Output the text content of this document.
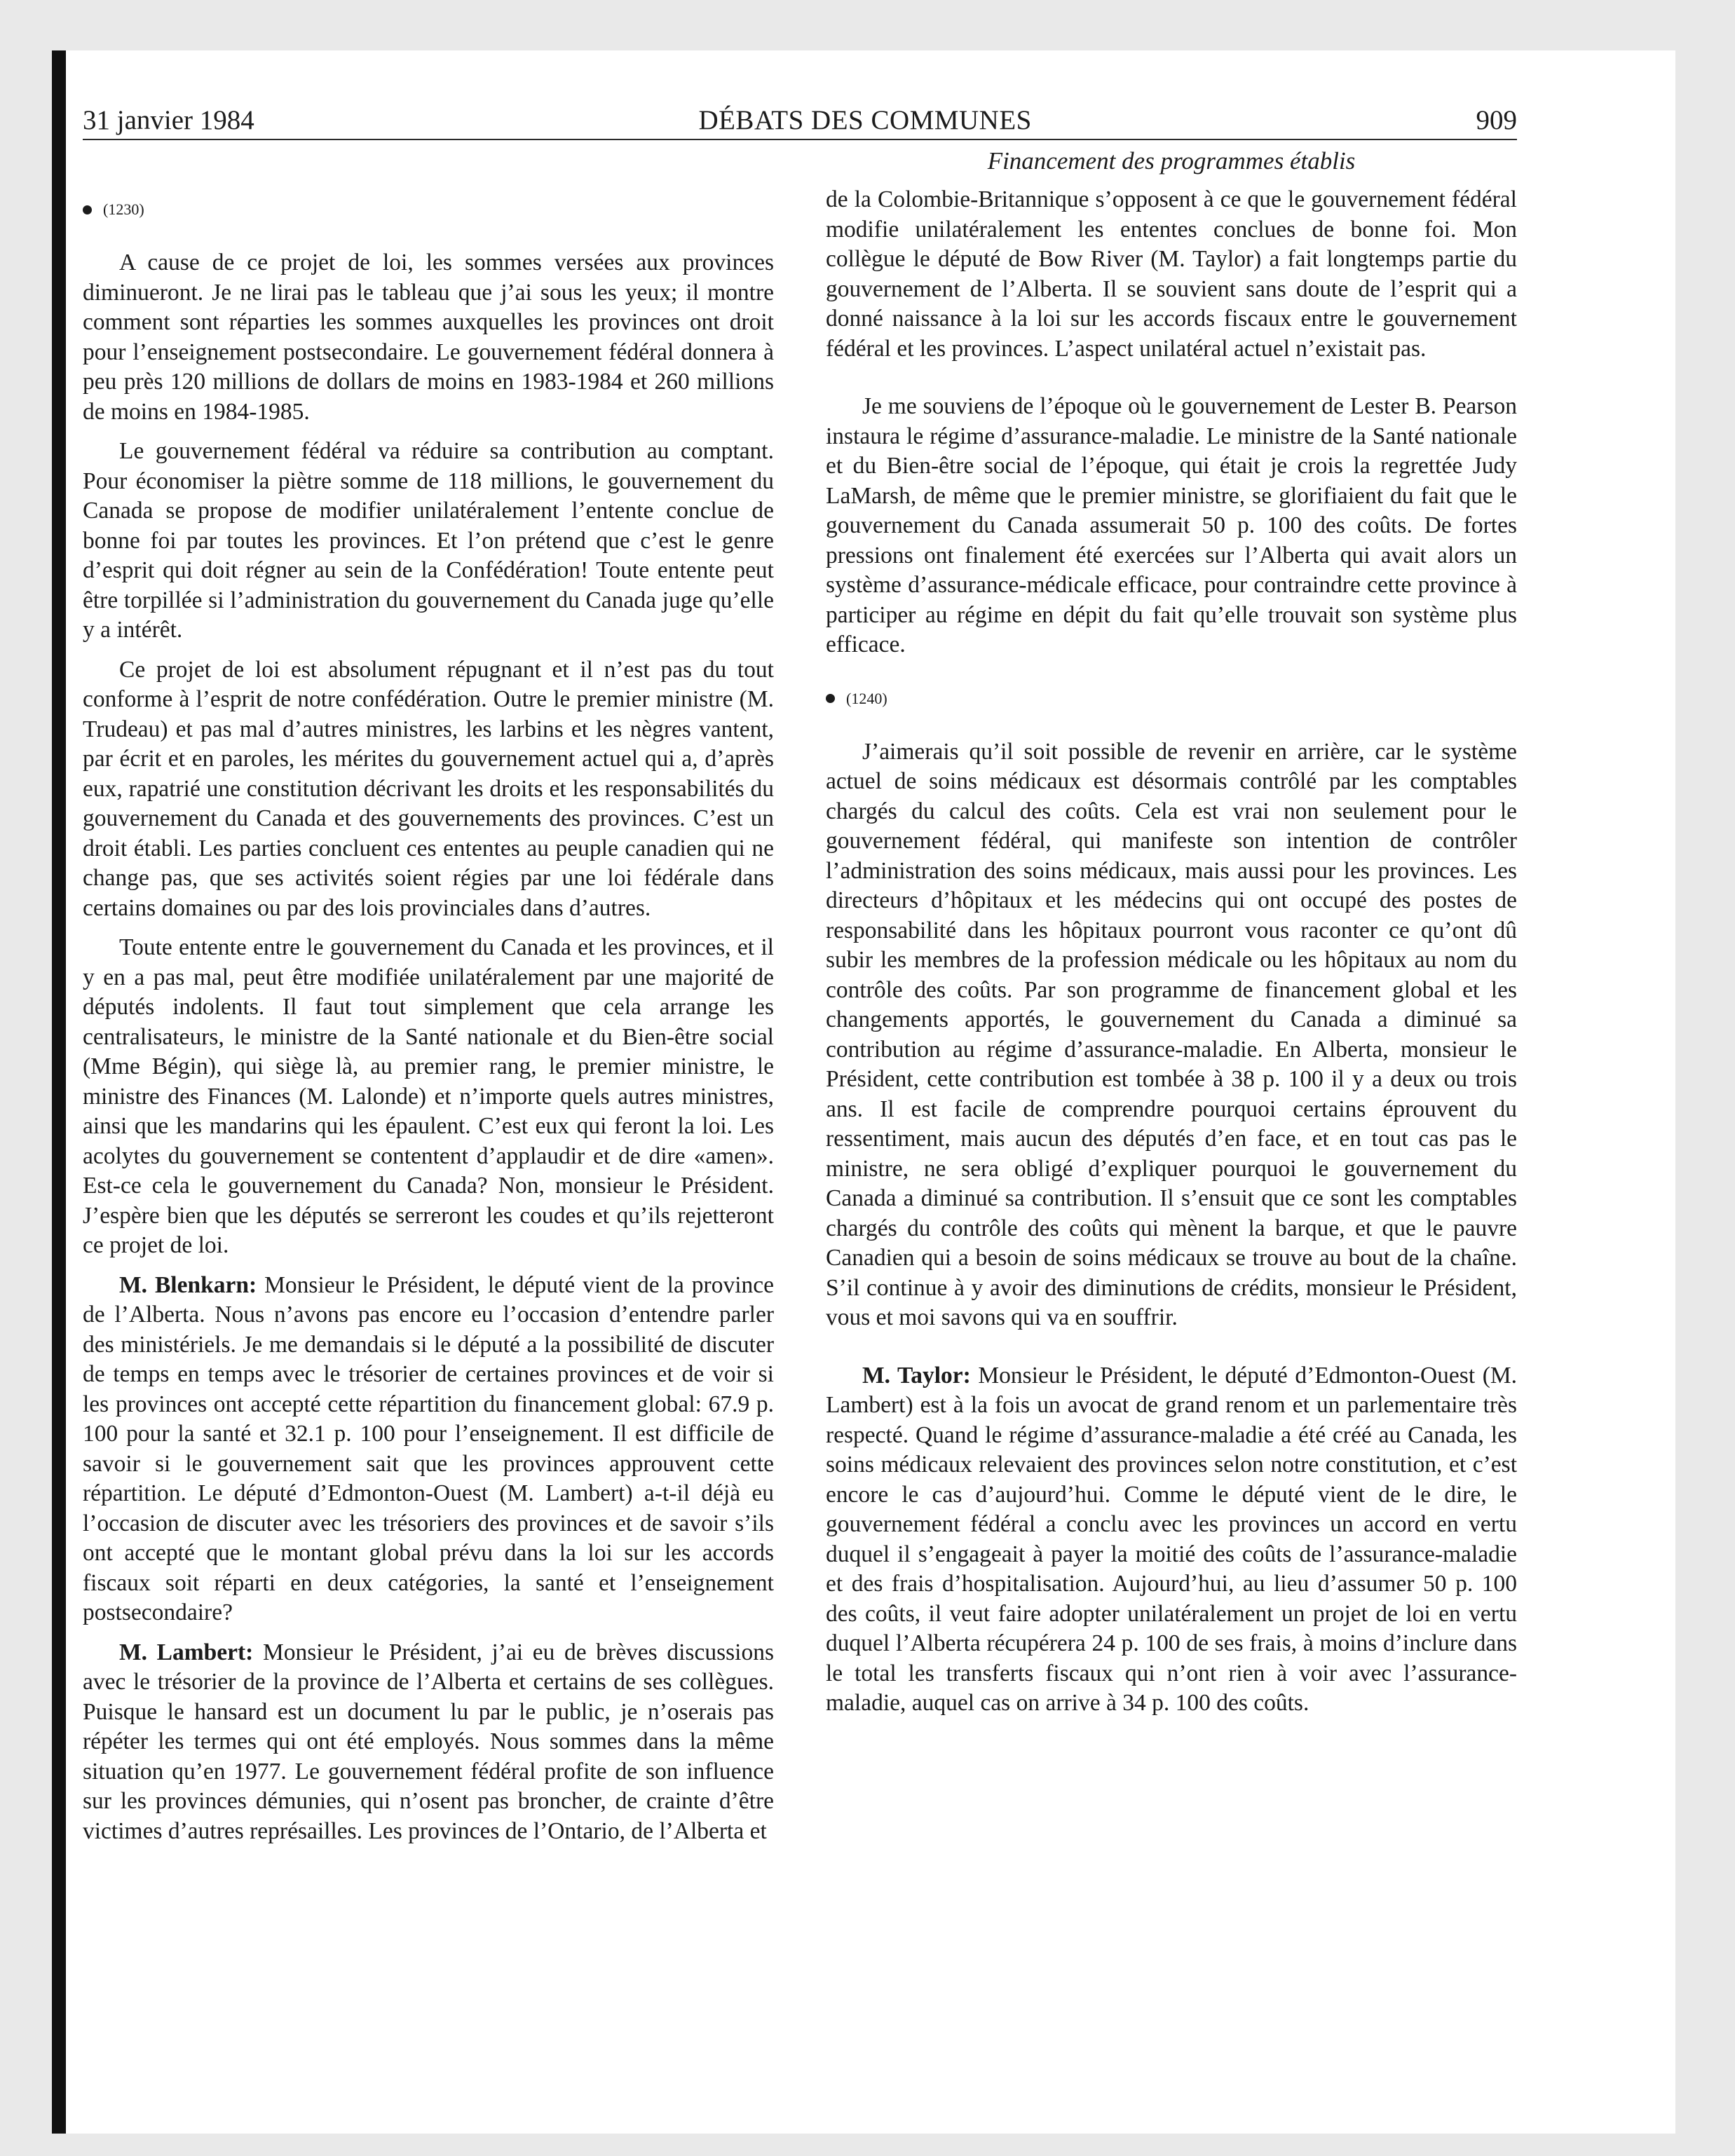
31 janvier 1984	DÉBATS DES COMMUNES	909
(1230)

A cause de ce projet de loi, les sommes versées aux provinces diminueront. Je ne lirai pas le tableau que j’ai sous les yeux; il montre comment sont réparties les sommes auxquelles les provinces ont droit pour l’enseignement postsecondaire. Le gouvernement fédéral donnera à peu près 120 millions de dollars de moins en 1983-1984 et 260 millions de moins en 1984-1985.

Le gouvernement fédéral va réduire sa contribution au comptant. Pour économiser la piètre somme de 118 millions, le gouvernement du Canada se propose de modifier unilatéralement l’entente conclue de bonne foi par toutes les provinces. Et l’on prétend que c’est le genre d’esprit qui doit régner au sein de la Confédération! Toute entente peut être torpillée si l’administration du gouvernement du Canada juge qu’elle y a intérêt.

Ce projet de loi est absolument répugnant et il n’est pas du tout conforme à l’esprit de notre confédération. Outre le premier ministre (M. Trudeau) et pas mal d’autres ministres, les larbins et les nègres vantent, par écrit et en paroles, les mérites du gouvernement actuel qui a, d’après eux, rapatrié une constitution décrivant les droits et les responsabilités du gouvernement du Canada et des gouvernements des provinces. C’est un droit établi. Les parties concluent ces ententes au peuple canadien qui ne change pas, que ses activités soient régies par une loi fédérale dans certains domaines ou par des lois provinciales dans d’autres.

Toute entente entre le gouvernement du Canada et les provinces, et il y en a pas mal, peut être modifiée unilatéralement par une majorité de députés indolents. Il faut tout simplement que cela arrange les centralisateurs, le ministre de la Santé nationale et du Bien-être social (Mme Bégin), qui siège là, au premier rang, le premier ministre, le ministre des Finances (M. Lalonde) et n’importe quels autres ministres, ainsi que les mandarins qui les épaulent. C’est eux qui feront la loi. Les acolytes du gouvernement se contentent d’applaudir et de dire «amen». Est-ce cela le gouvernement du Canada? Non, monsieur le Président. J’espère bien que les députés se serreront les coudes et qu’ils rejetteront ce projet de loi.

M. Blenkarn: Monsieur le Président, le député vient de la province de l’Alberta. Nous n’avons pas encore eu l’occasion d’entendre parler des ministériels. Je me demandais si le député a la possibilité de discuter de temps en temps avec le trésorier de certaines provinces et de voir si les provinces ont accepté cette répartition du financement global: 67.9 p. 100 pour la santé et 32.1 p. 100 pour l’enseignement. Il est difficile de savoir si le gouvernement sait que les provinces approuvent cette répartition. Le député d’Edmonton-Ouest (M. Lambert) a-t-il déjà eu l’occasion de discuter avec les trésoriers des provinces et de savoir s’ils ont accepté que le montant global prévu dans la loi sur les accords fiscaux soit réparti en deux catégories, la santé et l’enseignement postsecondaire?

M. Lambert: Monsieur le Président, j’ai eu de brèves discussions avec le trésorier de la province de l’Alberta et certains de ses collègues. Puisque le hansard est un document lu par le public, je n’oserais pas répéter les termes qui ont été employés. Nous sommes dans la même situation qu’en 1977. Le gouvernement fédéral profite de son influence sur les provinces démunies, qui n’osent pas broncher, de crainte d’être victimes d’autres représailles. Les provinces de l’Ontario, de l’Alberta et

Financement des programmes établis

de la Colombie-Britannique s’opposent à ce que le gouvernement fédéral modifie unilatéralement les ententes conclues de bonne foi. Mon collègue le député de Bow River (M. Taylor) a fait longtemps partie du gouvernement de l’Alberta. Il se souvient sans doute de l’esprit qui a donné naissance à la loi sur les accords fiscaux entre le gouvernement fédéral et les provinces. L’aspect unilatéral actuel n’existait pas.

Je me souviens de l’époque où le gouvernement de Lester B. Pearson instaura le régime d’assurance-maladie. Le ministre de la Santé nationale et du Bien-être social de l’époque, qui était je crois la regrettée Judy LaMarsh, de même que le premier ministre, se glorifiaient du fait que le gouvernement du Canada assumerait 50 p. 100 des coûts. De fortes pressions ont finalement été exercées sur l’Alberta qui avait alors un système d’assurance-médicale efficace, pour contraindre cette province à participer au régime en dépit du fait qu’elle trouvait son système plus efficace.

(1240)

J’aimerais qu’il soit possible de revenir en arrière, car le système actuel de soins médicaux est désormais contrôlé par les comptables chargés du calcul des coûts. Cela est vrai non seulement pour le gouvernement fédéral, qui manifeste son intention de contrôler l’administration des soins médicaux, mais aussi pour les provinces. Les directeurs d’hôpitaux et les médecins qui ont occupé des postes de responsabilité dans les hôpitaux pourront vous raconter ce qu’ont dû subir les membres de la profession médicale ou les hôpitaux au nom du contrôle des coûts. Par son programme de financement global et les changements apportés, le gouvernement du Canada a diminué sa contribution au régime d’assurance-maladie. En Alberta, monsieur le Président, cette contribution est tombée à 38 p. 100 il y a deux ou trois ans. Il est facile de comprendre pourquoi certains éprouvent du ressentiment, mais aucun des députés d’en face, et en tout cas pas le ministre, ne sera obligé d’expliquer pourquoi le gouvernement du Canada a diminué sa contribution. Il s’ensuit que ce sont les comptables chargés du contrôle des coûts qui mènent la barque, et que le pauvre Canadien qui a besoin de soins médicaux se trouve au bout de la chaîne. S’il continue à y avoir des diminutions de crédits, monsieur le Président, vous et moi savons qui va en souffrir.

M. Taylor: Monsieur le Président, le député d’Edmonton-Ouest (M. Lambert) est à la fois un avocat de grand renom et un parlementaire très respecté. Quand le régime d’assurance-maladie a été créé au Canada, les soins médicaux relevaient des provinces selon notre constitution, et c’est encore le cas d’aujourd’hui. Comme le député vient de le dire, le gouvernement fédéral a conclu avec les provinces un accord en vertu duquel il s’engageait à payer la moitié des coûts de l’assurance-maladie et des frais d’hospitalisation. Aujourd’hui, au lieu d’assumer 50 p. 100 des coûts, il veut faire adopter unilatéralement un projet de loi en vertu duquel l’Alberta récupérera 24 p. 100 de ses frais, à moins d’inclure dans le total les transferts fiscaux qui n’ont rien à voir avec l’assurance-maladie, auquel cas on arrive à 34 p. 100 des coûts.
